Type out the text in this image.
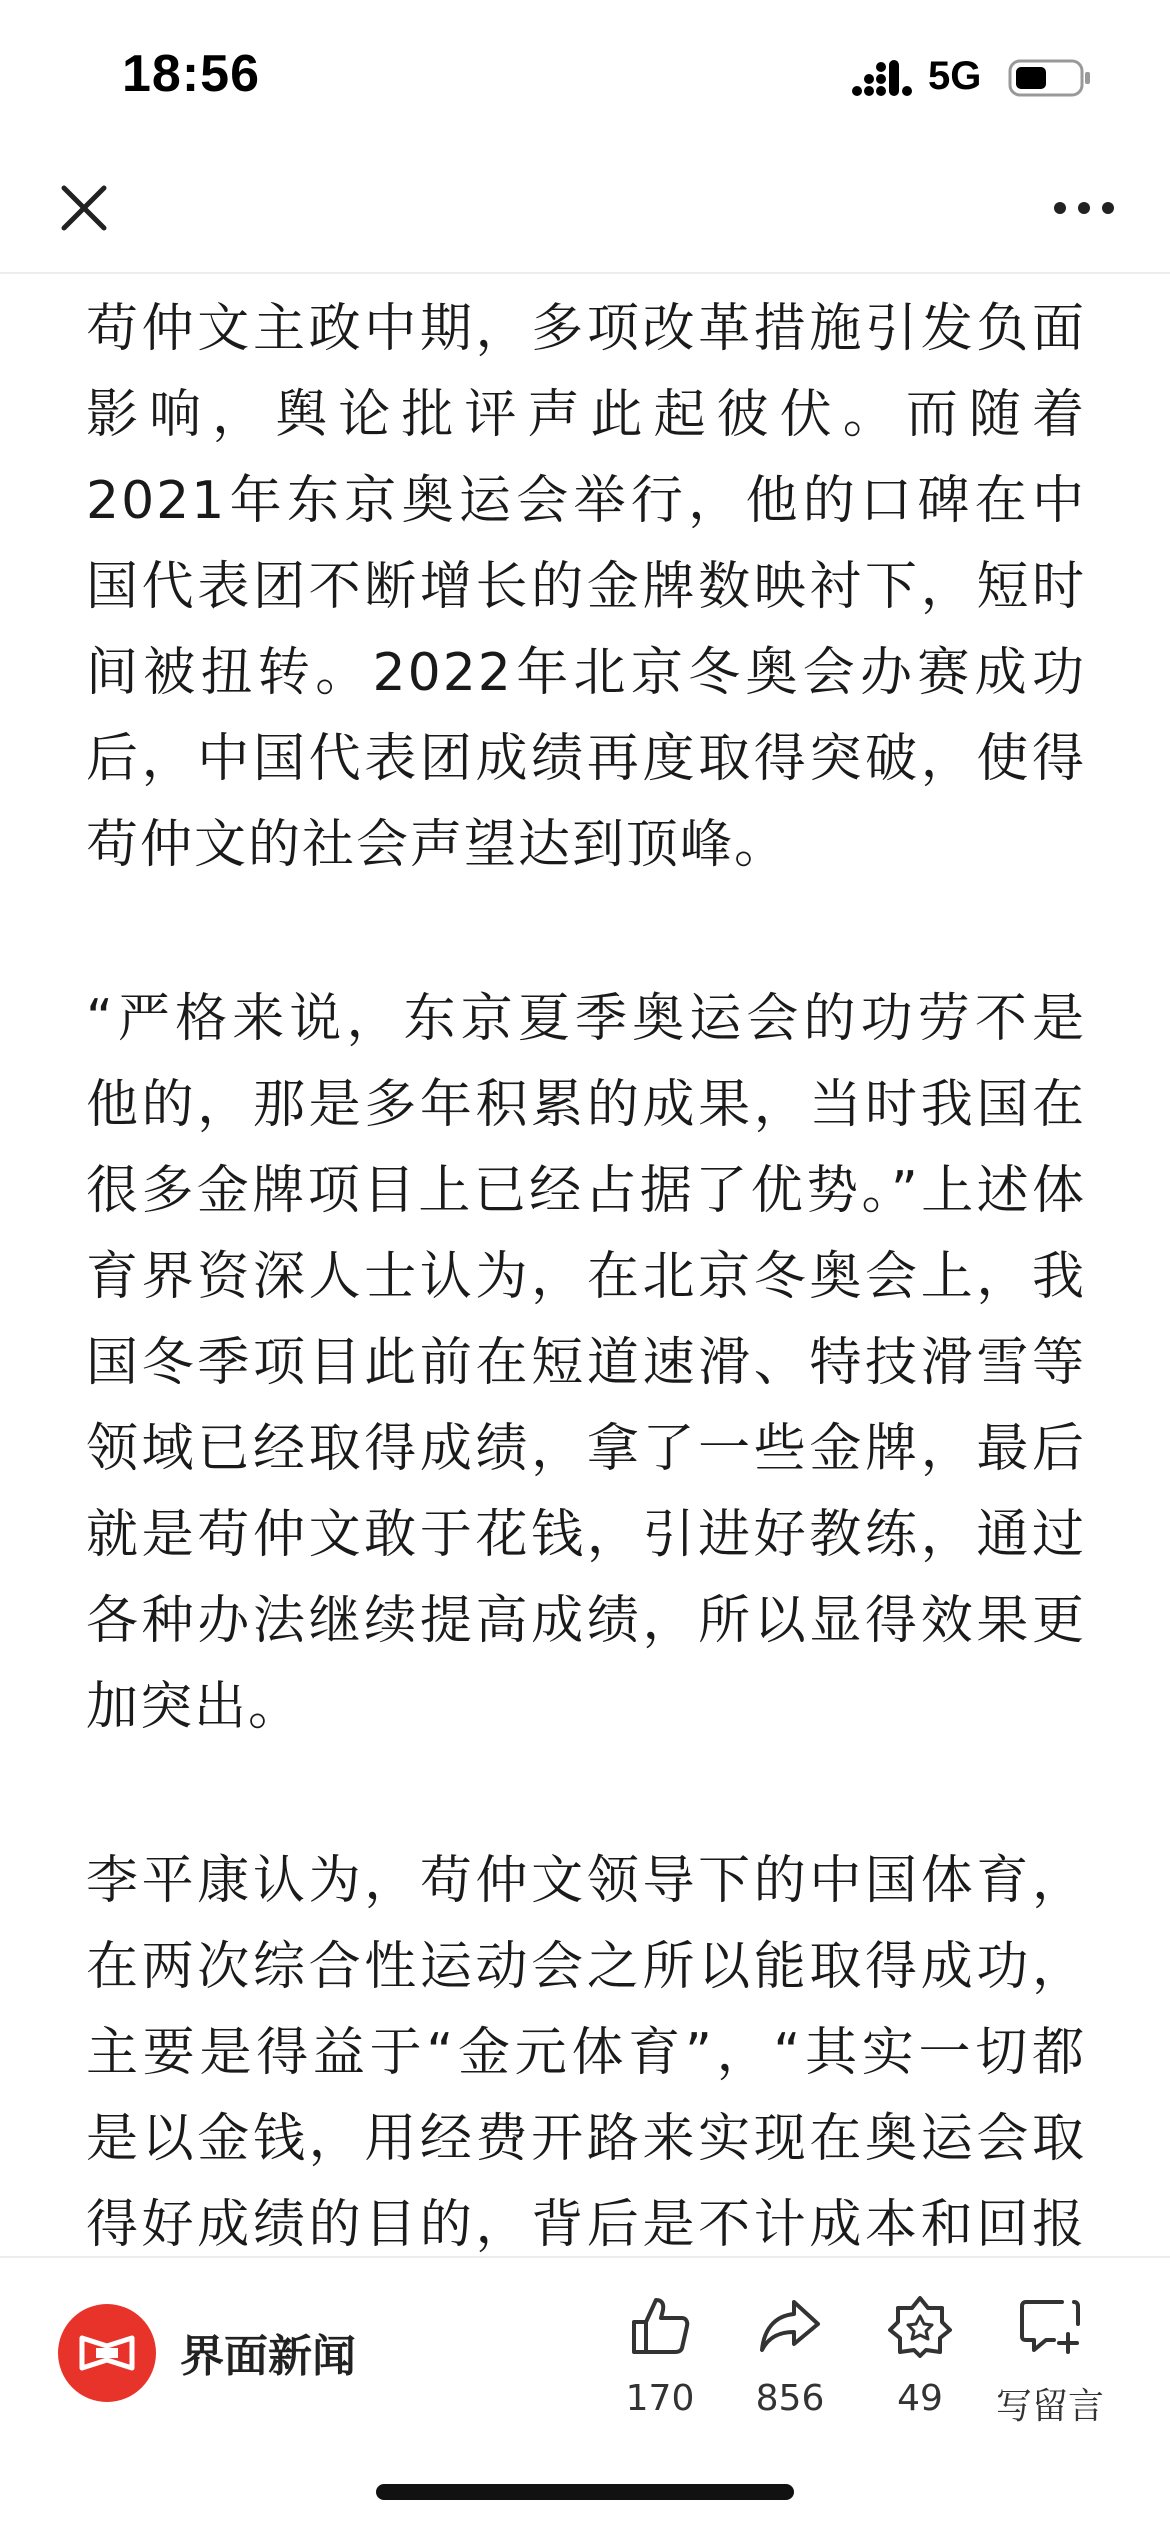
18:56	5G

苟仲文主政中期，多项改革措施引发负面影响，舆论批评声此起彼伏。而随着2021年东京奥运会举行，他的口碑在中国代表团不断增长的金牌数映衬下，短时间被扭转。2022年北京冬奥会办赛成功后，中国代表团成绩再度取得突破，使得苟仲文的社会声望达到顶峰。

“严格来说，东京夏季奥运会的功劳不是他的，那是多年积累的成果，当时我国在很多金牌项目上已经占据了优势。”上述体育界资深人士认为，在北京冬奥会上，我国冬季项目此前在短道速滑、特技滑雪等领域已经取得成绩，拿了一些金牌，最后就是苟仲文敢于花钱，引进好教练，通过各种办法继续提高成绩，所以显得效果更加突出。

李平康认为，苟仲文领导下的中国体育，在两次综合性运动会之所以能取得成功，主要是得益于“金元体育”，“其实一切都是以金钱，用经费开路来实现在奥运会取得好成绩的目的，背后是不计成本和回报

界面新闻
170	856	49	写留言
